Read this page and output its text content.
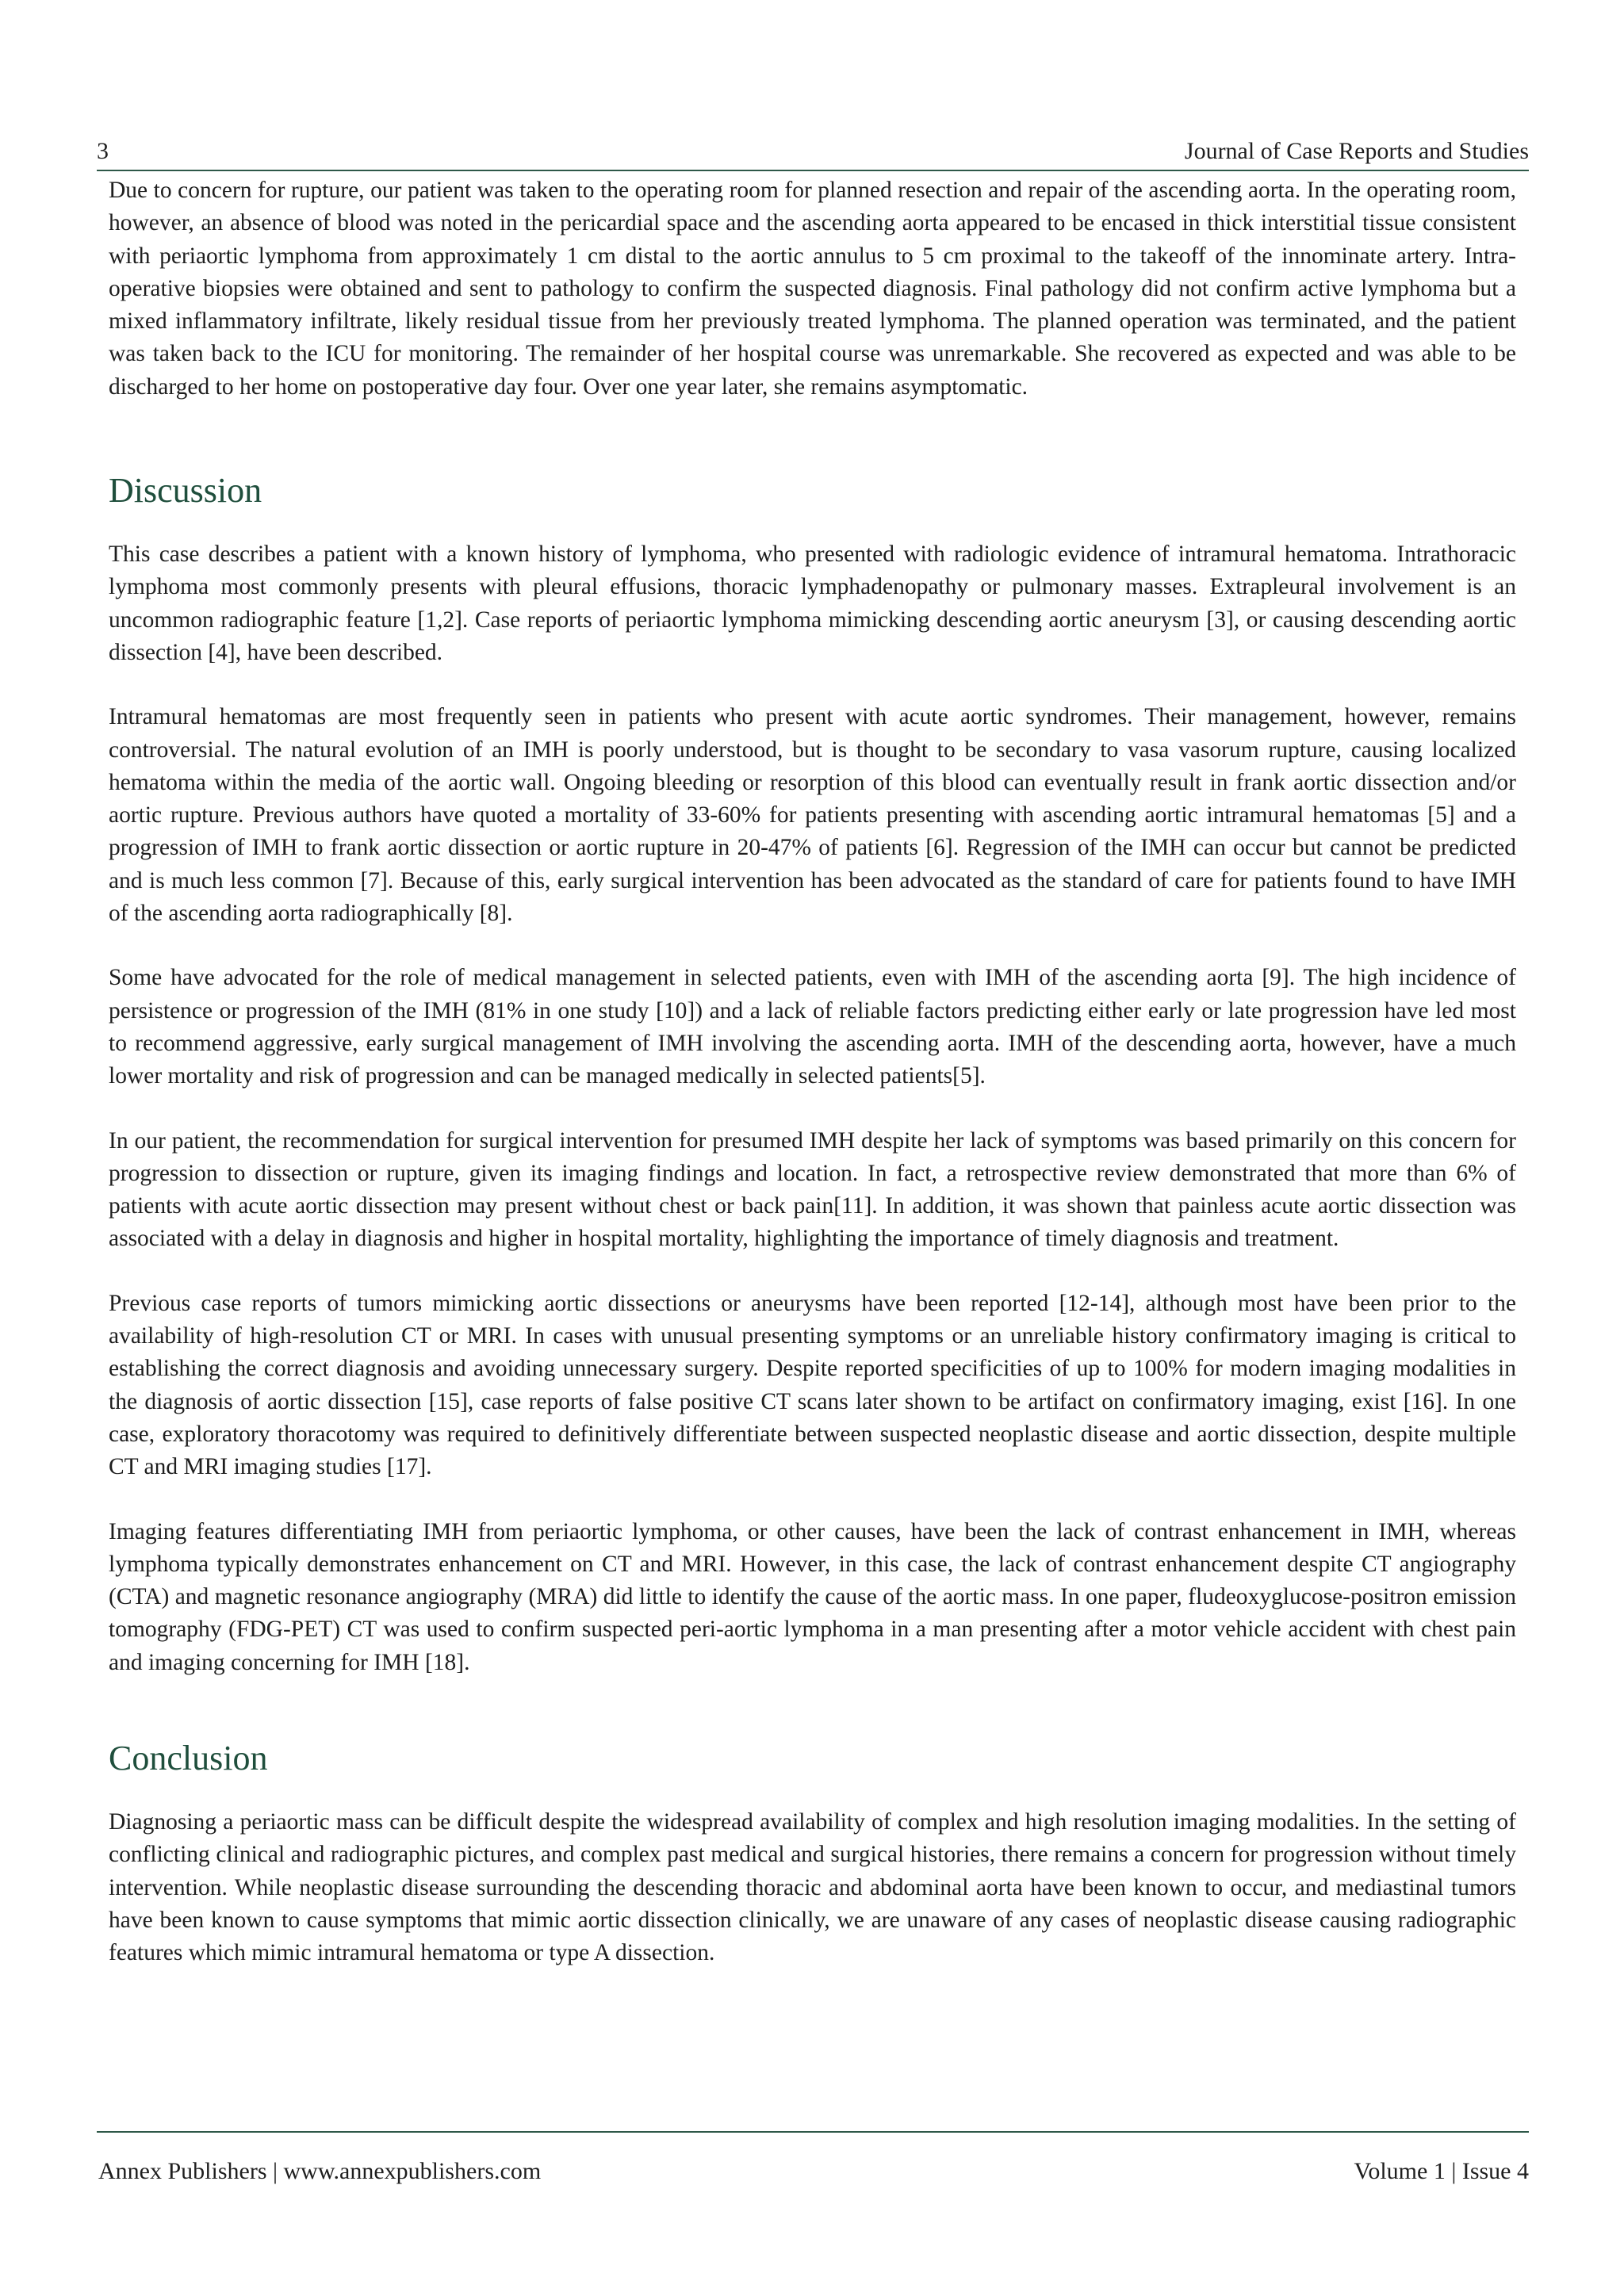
3	Journal of Case Reports and Studies

Due to concern for rupture, our patient was taken to the operating room for planned resection and repair of the ascending aorta. In the operating room, however, an absence of blood was noted in the pericardial space and the ascending aorta appeared to be encased in thick interstitial tissue consistent with periaortic lymphoma from approximately 1 cm distal to the aortic annulus to 5 cm proximal to the takeoff of the innominate artery. Intra-operative biopsies were obtained and sent to pathology to confirm the suspected diagnosis. Final pathology did not confirm active lymphoma but a mixed inflammatory infiltrate, likely residual tissue from her previously treated lymphoma. The planned operation was terminated, and the patient was taken back to the ICU for monitoring. The remainder of her hospital course was unremarkable. She recovered as expected and was able to be discharged to her home on postoperative day four. Over one year later, she remains asymptomatic.

Discussion

This case describes a patient with a known history of lymphoma, who presented with radiologic evidence of intramural hematoma. Intrathoracic lymphoma most commonly presents with pleural effusions, thoracic lymphadenopathy or pulmonary masses. Extrapleural involvement is an uncommon radiographic feature [1,2]. Case reports of periaortic lymphoma mimicking descending aortic aneurysm [3], or causing descending aortic dissection [4], have been described.

Intramural hematomas are most frequently seen in patients who present with acute aortic syndromes. Their management, however, remains controversial. The natural evolution of an IMH is poorly understood, but is thought to be secondary to vasa vasorum rupture, causing localized hematoma within the media of the aortic wall. Ongoing bleeding or resorption of this blood can eventually result in frank aortic dissection and/or aortic rupture. Previous authors have quoted a mortality of 33-60% for patients presenting with ascending aortic intramural hematomas [5] and a progression of IMH to frank aortic dissection or aortic rupture in 20-47% of patients [6]. Regression of the IMH can occur but cannot be predicted and is much less common [7]. Because of this, early surgical intervention has been advocated as the standard of care for patients found to have IMH of the ascending aorta radiographically [8].

Some have advocated for the role of medical management in selected patients, even with IMH of the ascending aorta [9]. The high incidence of persistence or progression of the IMH (81% in one study [10]) and a lack of reliable factors predicting either early or late progression have led most to recommend aggressive, early surgical management of IMH involving the ascending aorta. IMH of the descending aorta, however, have a much lower mortality and risk of progression and can be managed medically in selected patients[5].

In our patient, the recommendation for surgical intervention for presumed IMH despite her lack of symptoms was based primarily on this concern for progression to dissection or rupture, given its imaging findings and location. In fact, a retrospective review demonstrated that more than 6% of patients with acute aortic dissection may present without chest or back pain[11]. In addition, it was shown that painless acute aortic dissection was associated with a delay in diagnosis and higher in hospital mortality, highlighting the importance of timely diagnosis and treatment.

Previous case reports of tumors mimicking aortic dissections or aneurysms have been reported [12-14], although most have been prior to the availability of high-resolution CT or MRI. In cases with unusual presenting symptoms or an unreliable history confirmatory imaging is critical to establishing the correct diagnosis and avoiding unnecessary surgery. Despite reported specificities of up to 100% for modern imaging modalities in the diagnosis of aortic dissection [15], case reports of false positive CT scans later shown to be artifact on confirmatory imaging, exist [16]. In one case, exploratory thoracotomy was required to definitively differentiate between suspected neoplastic disease and aortic dissection, despite multiple CT and MRI imaging studies [17].

Imaging features differentiating IMH from periaortic lymphoma, or other causes, have been the lack of contrast enhancement in IMH, whereas lymphoma typically demonstrates enhancement on CT and MRI. However, in this case, the lack of contrast enhancement despite CT angiography (CTA) and magnetic resonance angiography (MRA) did little to identify the cause of the aortic mass. In one paper, fludeoxyglucose-positron emission tomography (FDG-PET) CT was used to confirm suspected peri-aortic lymphoma in a man presenting after a motor vehicle accident with chest pain and imaging concerning for IMH [18].

Conclusion

Diagnosing a periaortic mass can be difficult despite the widespread availability of complex and high resolution imaging modalities. In the setting of conflicting clinical and radiographic pictures, and complex past medical and surgical histories, there remains a concern for progression without timely intervention. While neoplastic disease surrounding the descending thoracic and abdominal aorta have been known to occur, and mediastinal tumors have been known to cause symptoms that mimic aortic dissection clinically, we are unaware of any cases of neoplastic disease causing radiographic features which mimic intramural hematoma or type A dissection.

Annex Publishers | www.annexpublishers.com	Volume 1 | Issue 4
